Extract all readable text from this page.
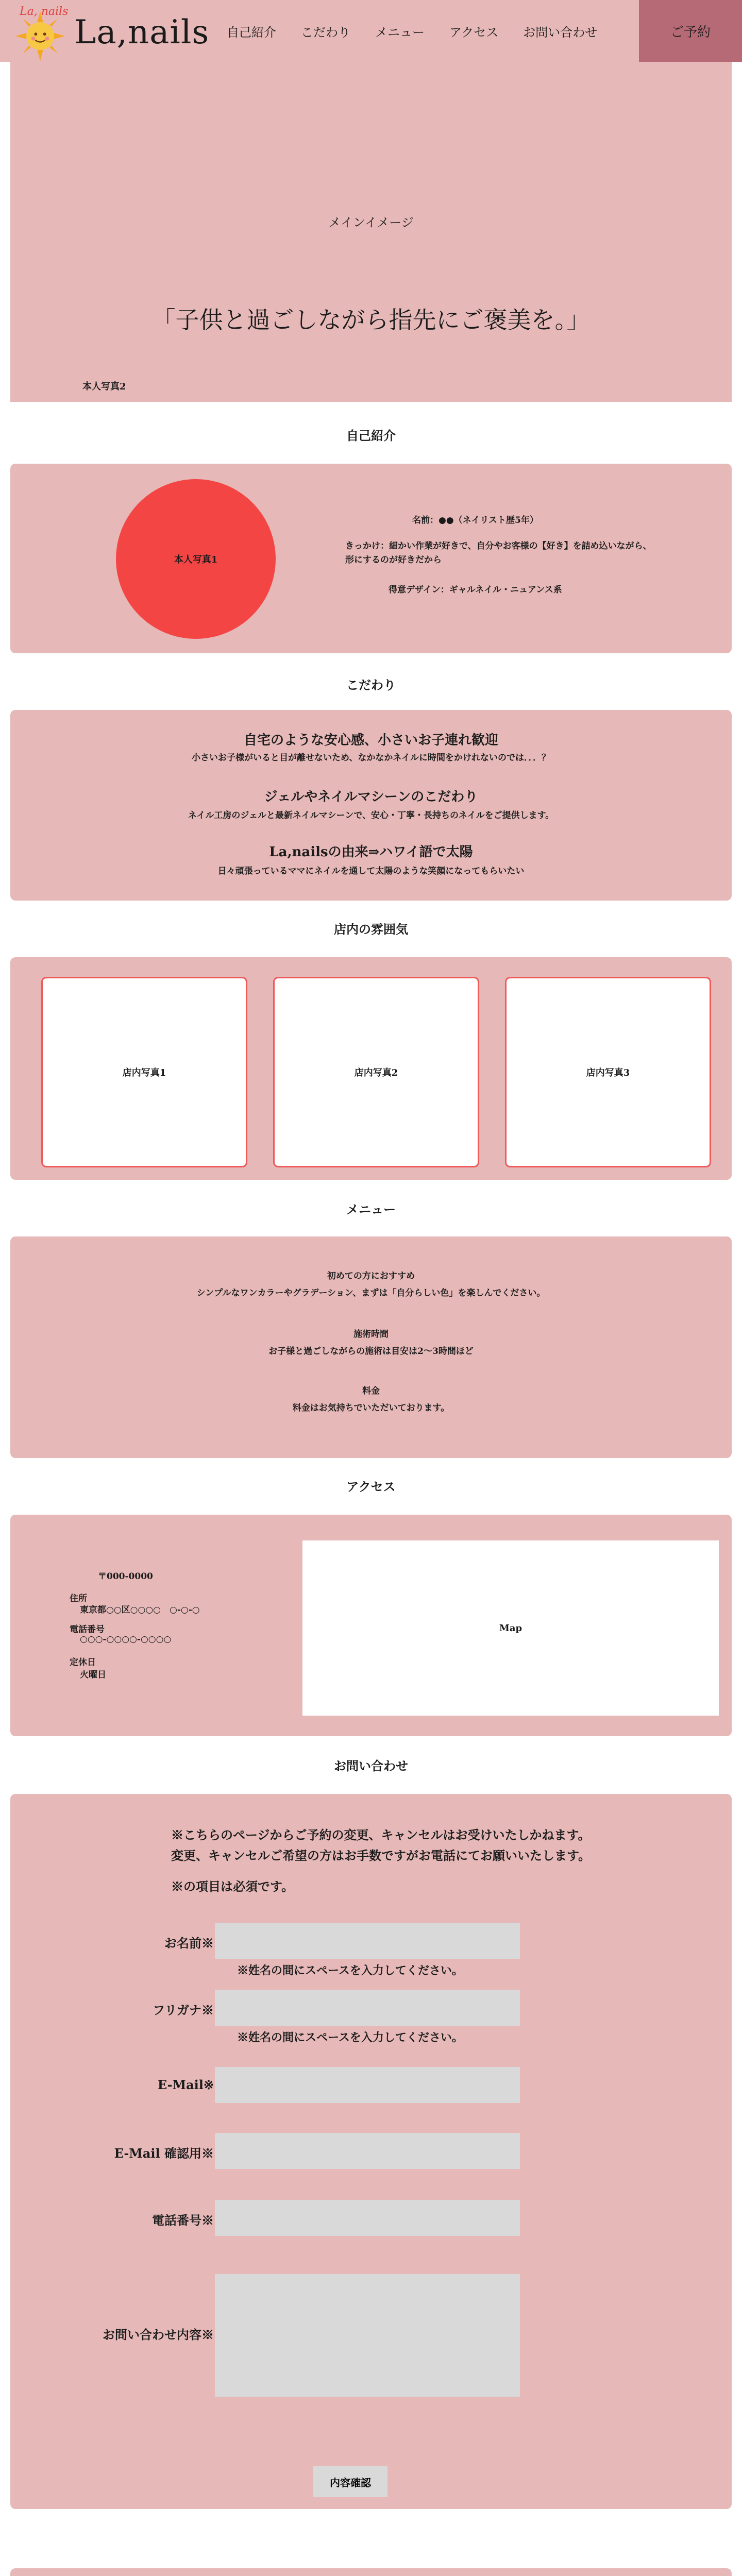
メインイメージ
「子供と過ごしながら指先にご褒美を。」
本人写真2
La, nails
La,nails 自己紹介 こだわり メニュー アクセス お問い合わせ	ご予約
自己紹介
本人写真1
名前：●●（ネイリスト歴5年）
きっかけ：細かい作業が好きで、自分やお客様の【好き】を詰め込いながら、
形にするのが好きだから
得意デザイン：ギャルネイル・ニュアンス系
こだわり
自宅のような安心感、小さいお子連れ歓迎
小さいお子様がいると目が離せないため、なかなかネイルに時間をかけれないのでは．．．？
ジェルやネイルマシーンのこだわり
ネイル工房のジェルと最新ネイルマシーンで、安心・丁寧・長持ちのネイルをご提供します。
La,nailsの由来⇒ハワイ語で太陽
日々頑張っているママにネイルを通して太陽のような笑顔になってもらいたい
店内の雰囲気
店内写真1	店内写真2	店内写真3
メニュー
初めての方におすすめ
シンプルなワンカラーやグラデーション、まずは「自分らしい色」を楽しんでください。
施術時間
お子様と過ごしながらの施術は目安は2～3時間ほど
料金
料金はお気持ちでいただいております。
アクセス
〒000-0000
住所
東京都○○区○○○○　○-○-○
電話番号
○○○-○○○○-○○○○
定休日
火曜日
Map
お問い合わせ
※こちらのページからご予約の変更、キャンセルはお受けいたしかねます。
変更、キャンセルご希望の方はお手数ですがお電話にてお願いいたします。
※の項目は必須です。
お名前※
※姓名の間にスペースを入力してください。
フリガナ※
※姓名の間にスペースを入力してください。
E-Mail※
E-Mail 確認用※
電話番号※
お問い合わせ内容※
内容確認
